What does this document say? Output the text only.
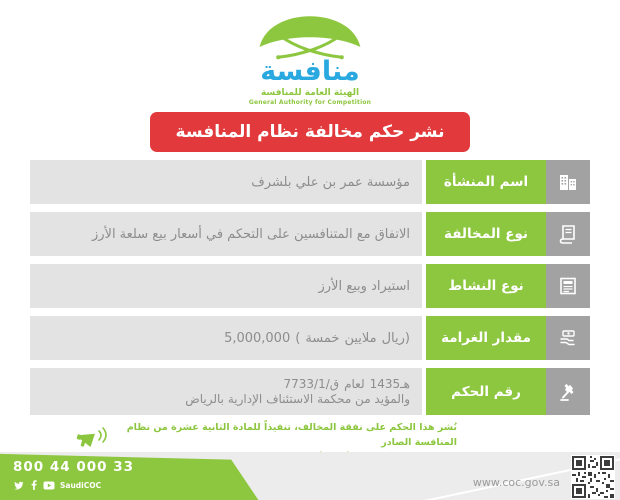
منافسة
الهيئة العامة للمنافسة
General Authority for Competition
نشر حكم مخالفة نظام المنافسة
مؤسسة عمر بن علي بلشرف	اسم المنشأة
الاتفاق مع المتنافسين على التحكم في أسعار بيع سلعة الأرز	نوع المخالفة
استيراد وبيع الأرز	نوع النشاط
5,000,000 ( خمسة ملايين ريال)	مقدار الغرامة
7733/1/ق لعام 1435هـ
والمؤيد من محكمة الاستئناف الإدارية بالرياض	رقم الحكم
نُشر هذا الحكم على نفقة المخالف، تنفيذاً للمادة الثانية عشرة من نظام المنافسة الصادر
800 44 000 33
SaudiCOC	www.coc.gov.sa
